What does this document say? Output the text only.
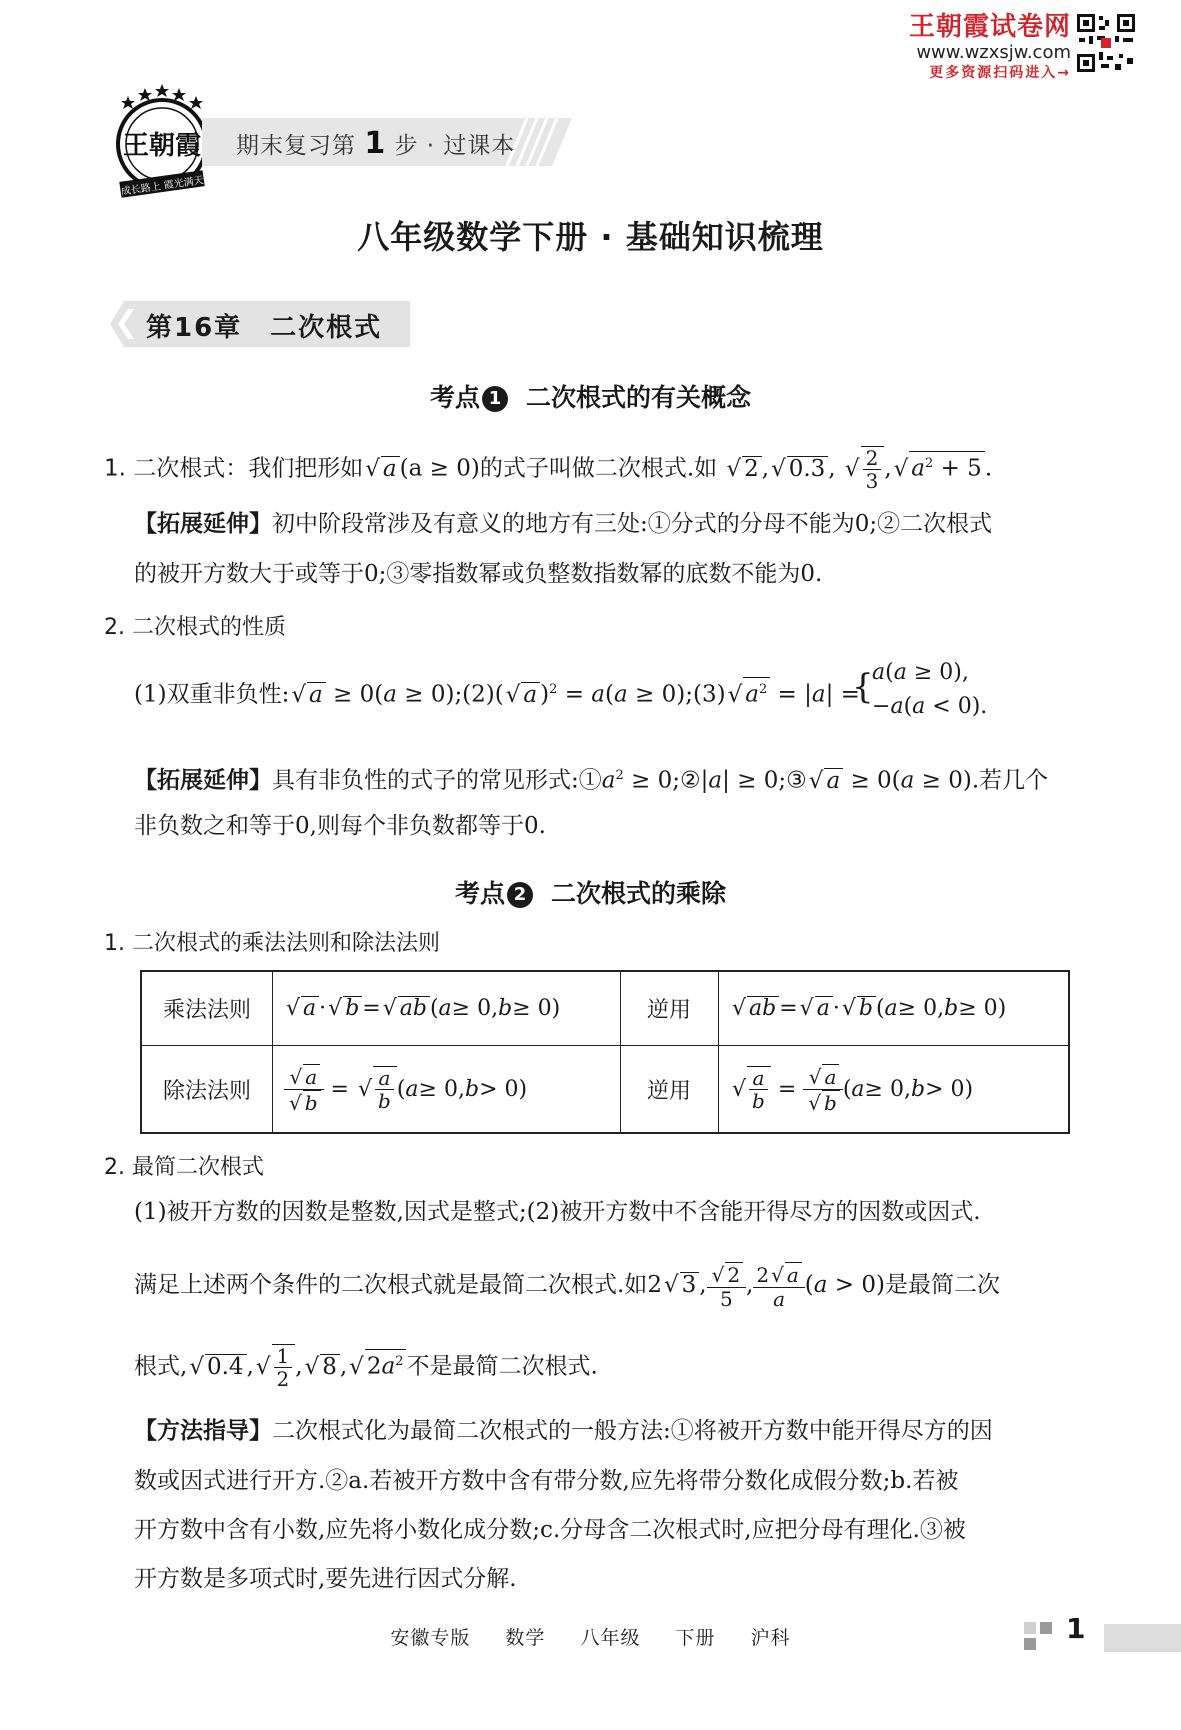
王朝霞试卷网
www.wzxsjw.com
更多资源扫码进入→
王朝霞
成长路上 霞光满天
期末复习第 1 步 · 过课本
八年级数学下册 · 基础知识梳理
第16章　二次根式
考点 1 二次根式的有关概念
1. 二次根式：我们把形如√ a (a ≥ 0)的式子叫做二次根式.如 √ 2 ,√ 0.3 , √ $\frac{2}{3}$ ,√ $a^2 + 5$ .
【拓展延伸】初中阶段常涉及有意义的地方有三处:①分式的分母不能为0;②二次根式
的被开方数大于或等于0;③零指数幂或负整数指数幂的底数不能为0.
2. 二次根式的性质
(1)双重非负性:√ a ≥ 0(a ≥ 0);(2)(√ a )$^2$ = a(a ≥ 0);(3)√ $a^2 = |a|$ =
{
a(a ≥ 0),
−a(a < 0).
【拓展延伸】具有非负性的式子的常见形式$:①a^2$ ≥ 0;②|a| ≥ 0;③√ a ≥ 0(a ≥ 0).若几个
非负数之和等于0,则每个非负数都等于0.
考点 2 二次根式的乘除
1. 二次根式的乘法法则和除法法则
乘法法则	√ a · √ b = √ ab ( a ≥ 0, b ≥ 0)	逆用	√ ab = √ a · √ b ( a ≥ 0, b ≥ 0)
除法法则	$\frac{√ a}{√ b}$ = √ $\frac{a}{b}$ ( a ≥ 0, b > 0)	逆用	√ $\frac{a}{b} = \frac{√ a}{√ b}$ ( a ≥ 0, b > 0)
2. 最简二次根式
(1)被开方数的因数是整数,因式是整式;(2)被开方数中不含能开得尽方的因数或因式.
满足上述两个条件的二次根式就是最简二次根式.如2√ 3 , $\frac{√ 2}{5}$ , $\frac{2 √ a}{a} (a > 0)$是最简二次
根式,√ 0.4 ,√ $\frac{1}{2}$ ,√ 8 ,√ $2a^2$ 不是最简二次根式.
【方法指导】二次根式化为最简二次根式的一般方法:①将被开方数中能开得尽方的因
数或因式进行开方.②a.若被开方数中含有带分数,应先将带分数化成假分数;b.若被
开方数中含有小数,应先将小数化成分数;c.分母含二次根式时,应把分母有理化.③被
开方数是多项式时,要先进行因式分解.
安徽专版 数学 八年级 下册 沪科	1
